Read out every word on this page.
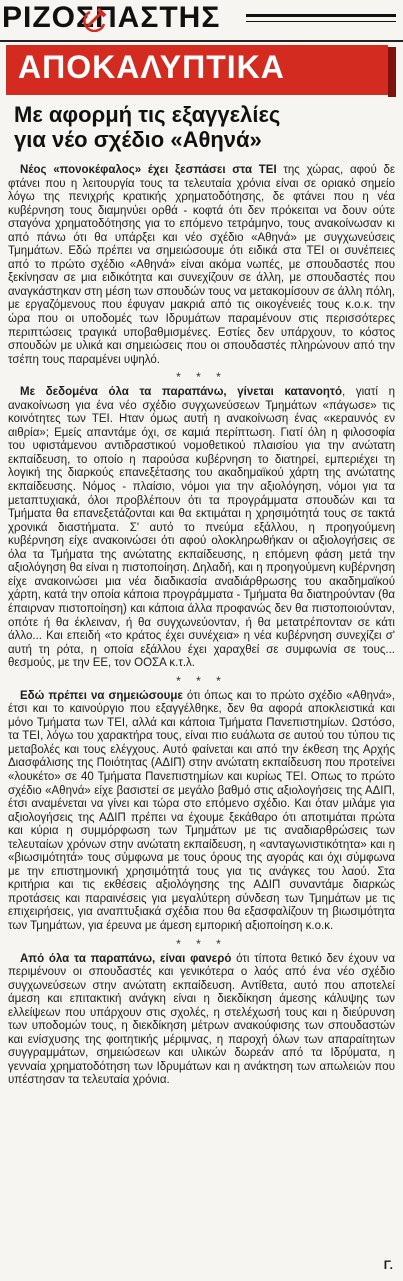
ΡΙΖΟΣΠΑΣΤΗΣ
ΑΠΟΚΑΛΥΠΤΙΚΑ
Με αφορμή τις εξαγγελίες
για νέο σχέδιο «Αθηνά»

Νέος «πονοκέφαλος» έχει ξεσπάσει στα ΤΕΙ της χώρας, αφού δε φτάνει που η λειτουργία τους τα τελευταία χρόνια είναι σε οριακό σημείο λόγω της πενιχρής κρατικής χρηματοδότησης, δε φτάνει που η νέα κυβέρνηση τους διαμηνύει ορθά - κοφτά ότι δεν πρόκειται να δουν ούτε σταγόνα χρηματοδότησης για το επόμενο τετράμηνο, τους ανακοίνωσαν κι από πάνω ότι θα υπάρξει και νέο σχέδιο «Αθηνά» με συγχωνεύσεις Τμημάτων. Εδώ πρέπει να σημειώσουμε ότι ειδικά στα ΤΕΙ οι συνέπειες από το πρώτο σχέδιο «Αθηνά» είναι ακόμα νωπές, με σπουδαστές που ξεκίνησαν σε μια ειδικότητα και συνεχίζουν σε άλλη, με σπουδαστές που αναγκάστηκαν στη μέση των σπουδών τους να μετακομίσουν σε άλλη πόλη, με εργαζόμενους που έφυγαν μακριά από τις οικογένειές τους κ.ο.κ. την ώρα που οι υποδομές των Ιδρυμάτων παραμένουν στις περισσότερες περιπτώσεις τραγικά υποβαθμισμένες. Εστίες δεν υπάρχουν, το κόστος σπουδών με υλικά και σημειώσεις που οι σπουδαστές πληρώνουν από την τσέπη τους παραμένει υψηλό.

* * *

Με δεδομένα όλα τα παραπάνω, γίνεται κατανοητό, γιατί η ανακοίνωση για ένα νέο σχέδιο συγχωνεύσεων Τμημάτων «πάγωσε» τις κοινότητες των ΤΕΙ. Ηταν όμως αυτή η ανακοίνωση ένας «κεραυνός εν αιθρία»; Εμείς απαντάμε όχι, σε καμιά περίπτωση. Γιατί όλη η φιλοσοφία του υφιστάμενου αντιδραστικού νομοθετικού πλαισίου για την ανώτατη εκπαίδευση, το οποίο η παρούσα κυβέρνηση το διατηρεί, εμπεριέχει τη λογική της διαρκούς επανεξέτασης του ακαδημαϊκού χάρτη της ανώτατης εκπαίδευσης. Νόμος - πλαίσιο, νόμοι για την αξιολόγηση, νόμοι για τα μεταπτυχιακά, όλοι προβλέπουν ότι τα προγράμματα σπουδών και τα Τμήματα θα επανεξετάζονται και θα εκτιμάται η χρησιμότητά τους σε τακτά χρονικά διαστήματα. Σ' αυτό το πνεύμα εξάλλου, η προηγούμενη κυβέρνηση είχε ανακοινώσει ότι αφού ολοκληρωθήκαν οι αξιολογήσεις σε όλα τα Τμήματα της ανώτατης εκπαίδευσης, η επόμενη φάση μετά την αξιολόγηση θα είναι η πιστοποίηση. Δηλαδή, και η προηγούμενη κυβέρνηση είχε ανακοινώσει μια νέα διαδικασία αναδιάρθρωσης του ακαδημαϊκού χάρτη, κατά την οποία κάποια προγράμματα - Τμήματα θα διατηρούνταν (θα έπαιρναν πιστοποίηση) και κάποια άλλα προφανώς δεν θα πιστοποιούνταν, οπότε ή θα έκλειναν, ή θα συγχωνεύονταν, ή θα μετατρέπονταν σε κάτι άλλο... Και επειδή «το κράτος έχει συνέχεια» η νέα κυβέρνηση συνεχίζει σ' αυτή τη ρότα, η οποία εξάλλου έχει χαραχθεί σε συμφωνία σε τους... θεσμούς, με την ΕΕ, τον ΟΟΣΑ κ.τ.λ.

* * *

Εδώ πρέπει να σημειώσουμε ότι όπως και το πρώτο σχέδιο «Αθηνά», έτσι και το καινούργιο που εξαγγέλθηκε, δεν θα αφορά αποκλειστικά και μόνο Τμήματα των ΤΕΙ, αλλά και κάποια Τμήματα Πανεπιστημίων. Ωστόσο, τα ΤΕΙ, λόγω του χαρακτήρα τους, είναι πιο ευάλωτα σε αυτού του τύπου τις μεταβολές και τους ελέγχους. Αυτό φαίνεται και από την έκθεση της Αρχής Διασφάλισης της Ποιότητας (ΑΔΙΠ) στην ανώτατη εκπαίδευση που προτείνει «λουκέτο» σε 40 Τμήματα Πανεπιστημίων και κυρίως ΤΕΙ. Οπως το πρώτο σχέδιο «Αθηνά» είχε βασιστεί σε μεγάλο βαθμό στις αξιολογήσεις της ΑΔΙΠ, έτσι αναμένεται να γίνει και τώρα στο επόμενο σχέδιο. Και όταν μιλάμε για αξιολογήσεις της ΑΔΙΠ πρέπει να έχουμε ξεκάθαρο ότι αποτιμάται πρώτα και κύρια η συμμόρφωση των Τμημάτων με τις αναδιαρθρώσεις των τελευταίων χρόνων στην ανώτατη εκπαίδευση, η «ανταγωνιστικότητα» και η «βιωσιμότητά» τους σύμφωνα με τους όρους της αγοράς και όχι σύμφωνα με την επιστημονική χρησιμότητά τους για τις ανάγκες του λαού. Στα κριτήρια και τις εκθέσεις αξιολόγησης της ΑΔΙΠ συναντάμε διαρκώς προτάσεις και παραινέσεις για μεγαλύτερη σύνδεση των Τμημάτων με τις επιχειρήσεις, για αναπτυξιακά σχέδια που θα εξασφαλίζουν τη βιωσιμότητα των Τμημάτων, για έρευνα με άμεση εμπορική αξιοποίηση κ.ο.κ.

* * *

Από όλα τα παραπάνω, είναι φανερό ότι τίποτα θετικό δεν έχουν να περιμένουν οι σπουδαστές και γενικότερα ο λαός από ένα νέο σχέδιο συγχωνεύσεων στην ανώτατη εκπαίδευση. Αντίθετα, αυτό που αποτελεί άμεση και επιτακτική ανάγκη είναι η διεκδίκηση άμεσης κάλυψης των ελλείψεων που υπάρχουν στις σχολές, η στελέχωσή τους και η διεύρυνση των υποδομών τους, η διεκδίκηση μέτρων ανακούφισης των σπουδαστών και ενίσχυσης της φοιτητικής μέριμνας, η παροχή όλων των απαραίτητων συγγραμμάτων, σημειώσεων και υλικών δωρεάν από τα Ιδρύματα, η γενναία χρηματοδότηση των Ιδρυμάτων και η ανάκτηση των απωλειών που υπέστησαν τα τελευταία χρόνια.

Γ.
